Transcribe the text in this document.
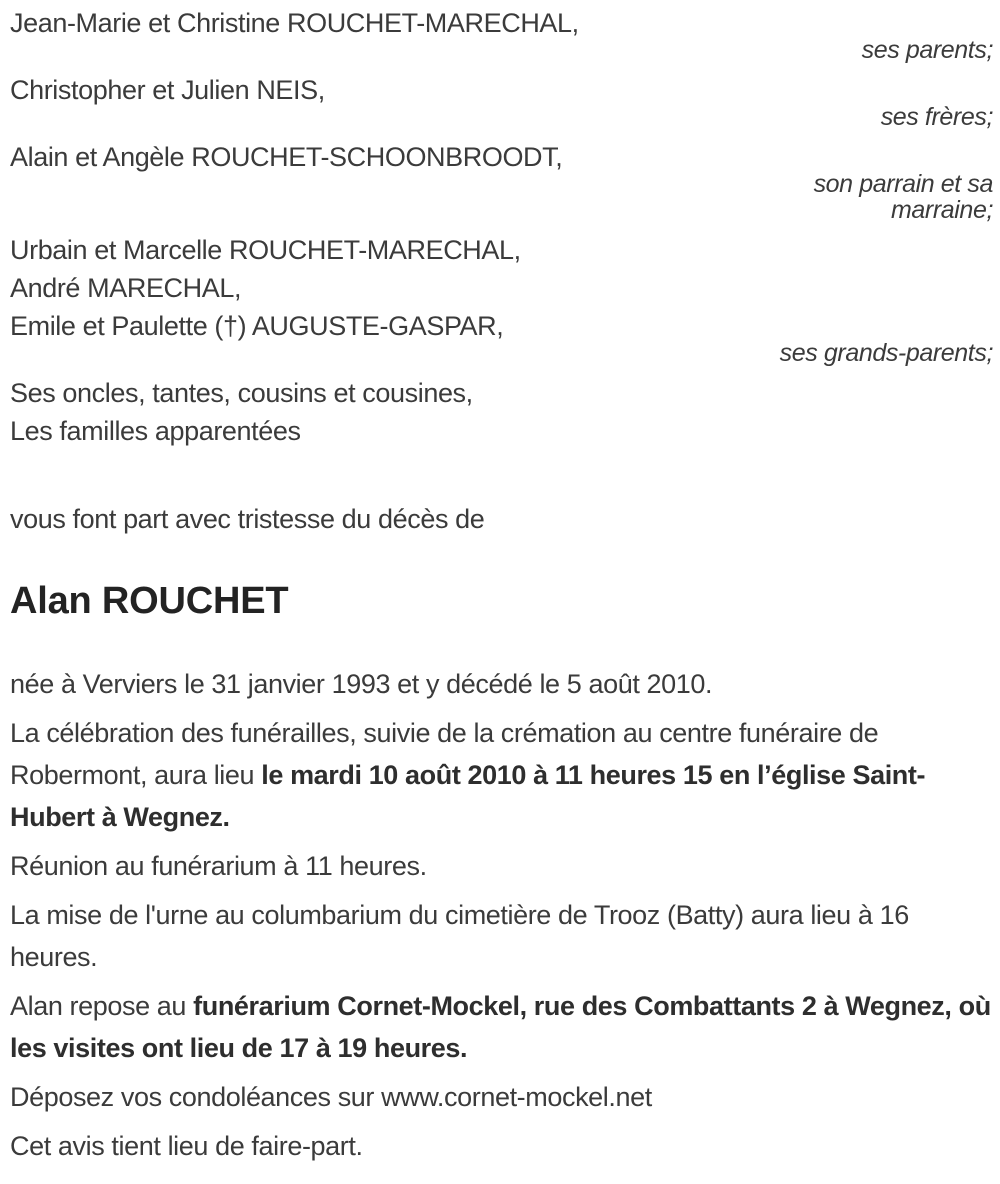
Jean-Marie et Christine ROUCHET-MARECHAL,
ses parents;
Christopher et Julien NEIS,
ses frères;
Alain et Angèle ROUCHET-SCHOONBROODT,
son parrain et sa marraine;
Urbain et Marcelle ROUCHET-MARECHAL,
André MARECHAL,
Emile et Paulette (†) AUGUSTE-GASPAR,
ses grands-parents;
Ses oncles, tantes, cousins et cousines,
Les familles apparentées

vous font part avec tristesse du décès de

Alan ROUCHET

née à Verviers le 31 janvier 1993 et y décédé le 5 août 2010.

La célébration des funérailles, suivie de la crémation au centre funéraire de Robermont, aura lieu le mardi 10 août 2010 à 11 heures 15 en l’église Saint-Hubert à Wegnez.

Réunion au funérarium à 11 heures.

La mise de l'urne au columbarium du cimetière de Trooz (Batty) aura lieu à 16 heures.

Alan repose au funérarium Cornet-Mockel, rue des Combattants 2 à Wegnez, où les visites ont lieu de 17 à 19 heures.

Déposez vos condoléances sur www.cornet-mockel.net

Cet avis tient lieu de faire-part.
